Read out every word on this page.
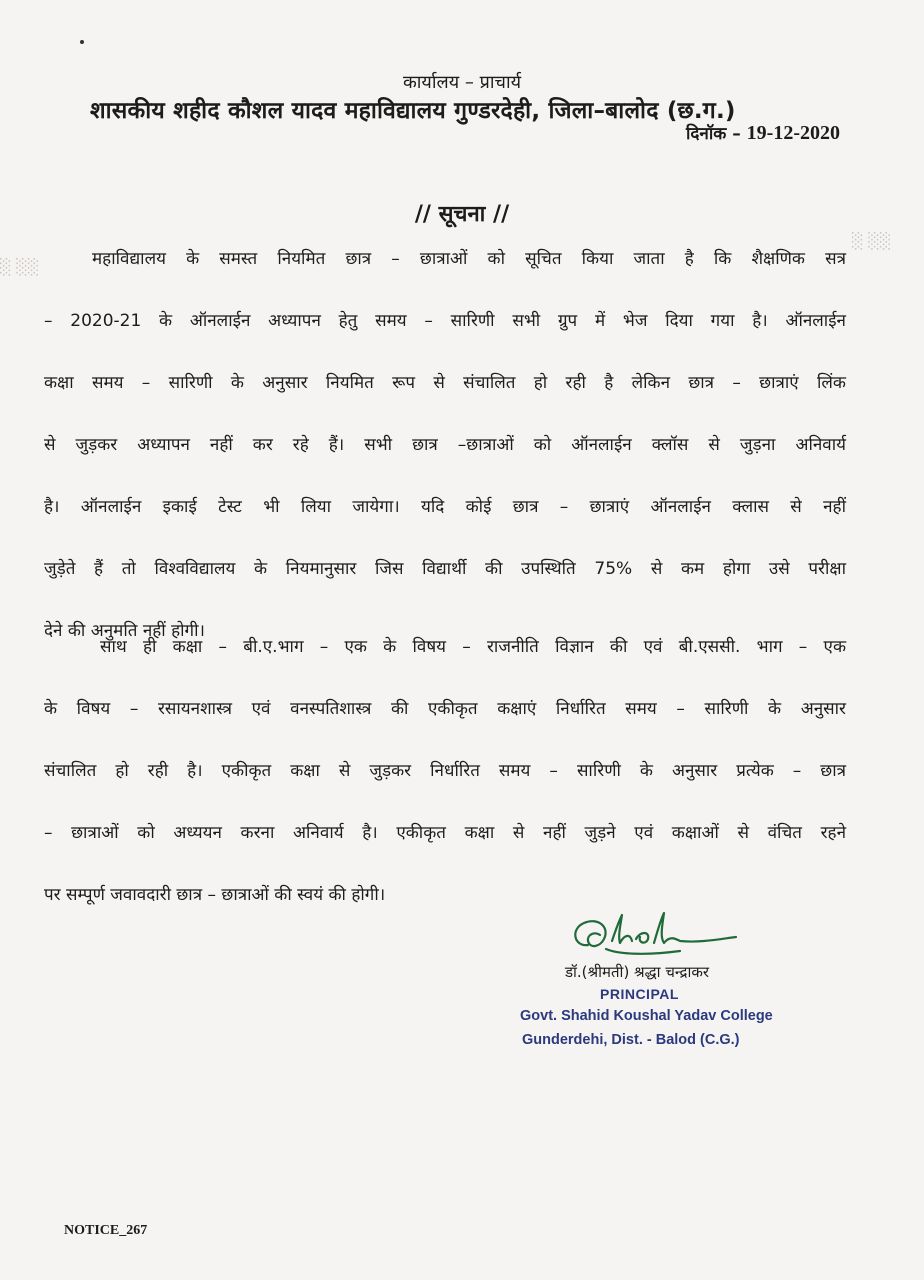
░ ░░
░ ░░
कार्यालय – प्राचार्य
शासकीय शहीद कौशल यादव महाविद्यालय गुण्डरदेही, जिला–बालोद (छ.ग.)
दिनॉक – 19-12-2020
// सूचना //
महाविद्यालय के समस्त नियमित छात्र – छात्राओं को सूचित किया जाता है कि शैक्षणिक सत्र
– 2020-21 के ऑनलाईन अध्यापन हेतु समय – सारिणी सभी ग्रुप में भेज दिया गया है। ऑनलाईन
कक्षा समय – सारिणी के अनुसार नियमित रूप से संचालित हो रही है लेकिन छात्र – छात्राएं लिंक
से जुड़कर अध्यापन नहीं कर रहे हैं। सभी छात्र –छात्राओं को ऑनलाईन क्लॉस से जुड़ना अनिवार्य
है। ऑनलाईन इकाई टेस्ट भी लिया जायेगा। यदि कोई छात्र – छात्राएं ऑनलाईन क्लास से नहीं
जुड़ेते हैं तो विश्वविद्यालय के नियमानुसार जिस विद्यार्थी की उपस्थिति 75% से कम होगा उसे परीक्षा
देने की अनुमति नहीं होगी।
साथ ही कक्षा – बी.ए.भाग – एक के विषय – राजनीति विज्ञान की एवं बी.एससी. भाग – एक
के विषय – रसायनशास्त्र एवं वनस्पतिशास्त्र की एकीकृत कक्षाएं निर्धारित समय – सारिणी के अनुसार
संचालित हो रही है। एकीकृत कक्षा से जुड़कर निर्धारित समय – सारिणी के अनुसार प्रत्येक – छात्र
– छात्राओं को अध्ययन करना अनिवार्य है। एकीकृत कक्षा से नहीं जुड़ने एवं कक्षाओं से वंचित रहने
पर सम्पूर्ण जवावदारी छात्र – छात्राओं की स्वयं की होगी।
डॉ.(श्रीमती) श्रद्धा चन्द्राकर
PRINCIPAL
Govt. Shahid Koushal Yadav College
Gunderdehi, Dist. - Balod (C.G.)
NOTICE_267
